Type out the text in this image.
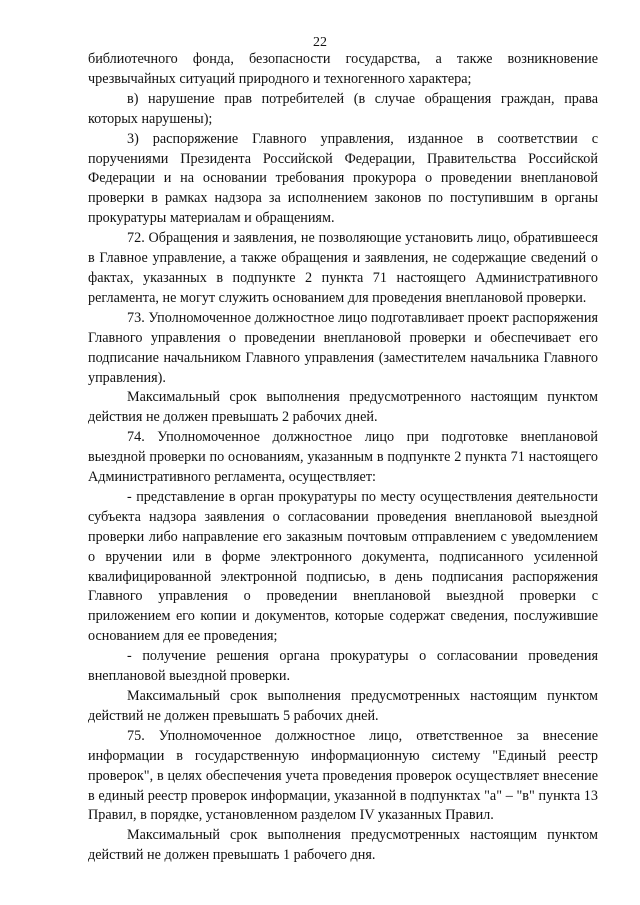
22

библиотечного фонда, безопасности государства, а также возникновение чрезвычайных ситуаций природного и техногенного характера;

в) нарушение прав потребителей (в случае обращения граждан, права которых нарушены);

3) распоряжение Главного управления, изданное в соответствии с поручениями Президента Российской Федерации, Правительства Российской Федерации и на основании требования прокурора о проведении внеплановой проверки в рамках надзора за исполнением законов по поступившим в органы прокуратуры материалам и обращениям.

72. Обращения и заявления, не позволяющие установить лицо, обратившееся в Главное управление, а также обращения и заявления, не содержащие сведений о фактах, указанных в подпункте 2 пункта 71 настоящего Административного регламента, не могут служить основанием для проведения внеплановой проверки.

73. Уполномоченное должностное лицо подготавливает проект распоряжения Главного управления о проведении внеплановой проверки и обеспечивает его подписание начальником Главного управления (заместителем начальника Главного управления).

Максимальный срок выполнения предусмотренного настоящим пунктом действия не должен превышать 2 рабочих дней.

74. Уполномоченное должностное лицо при подготовке внеплановой выездной проверки по основаниям, указанным в подпункте 2 пункта 71 настоящего Административного регламента, осуществляет:

- представление в орган прокуратуры по месту осуществления деятельности субъекта надзора заявления о согласовании проведения внеплановой выездной проверки либо направление его заказным почтовым отправлением с уведомлением о вручении или в форме электронного документа, подписанного усиленной квалифицированной электронной подписью, в день подписания распоряжения Главного управления о проведении внеплановой выездной проверки с приложением его копии и документов, которые содержат сведения, послужившие основанием для ее проведения;

- получение решения органа прокуратуры о согласовании проведения внеплановой выездной проверки.

Максимальный срок выполнения предусмотренных настоящим пунктом действий не должен превышать 5 рабочих дней.

75. Уполномоченное должностное лицо, ответственное за внесение информации в государственную информационную систему "Единый реестр проверок", в целях обеспечения учета проведения проверок осуществляет внесение в единый реестр проверок информации, указанной в подпунктах "а" – "в" пункта 13 Правил, в порядке, установленном разделом IV указанных Правил.

Максимальный срок выполнения предусмотренных настоящим пунктом действий не должен превышать 1 рабочего дня.
